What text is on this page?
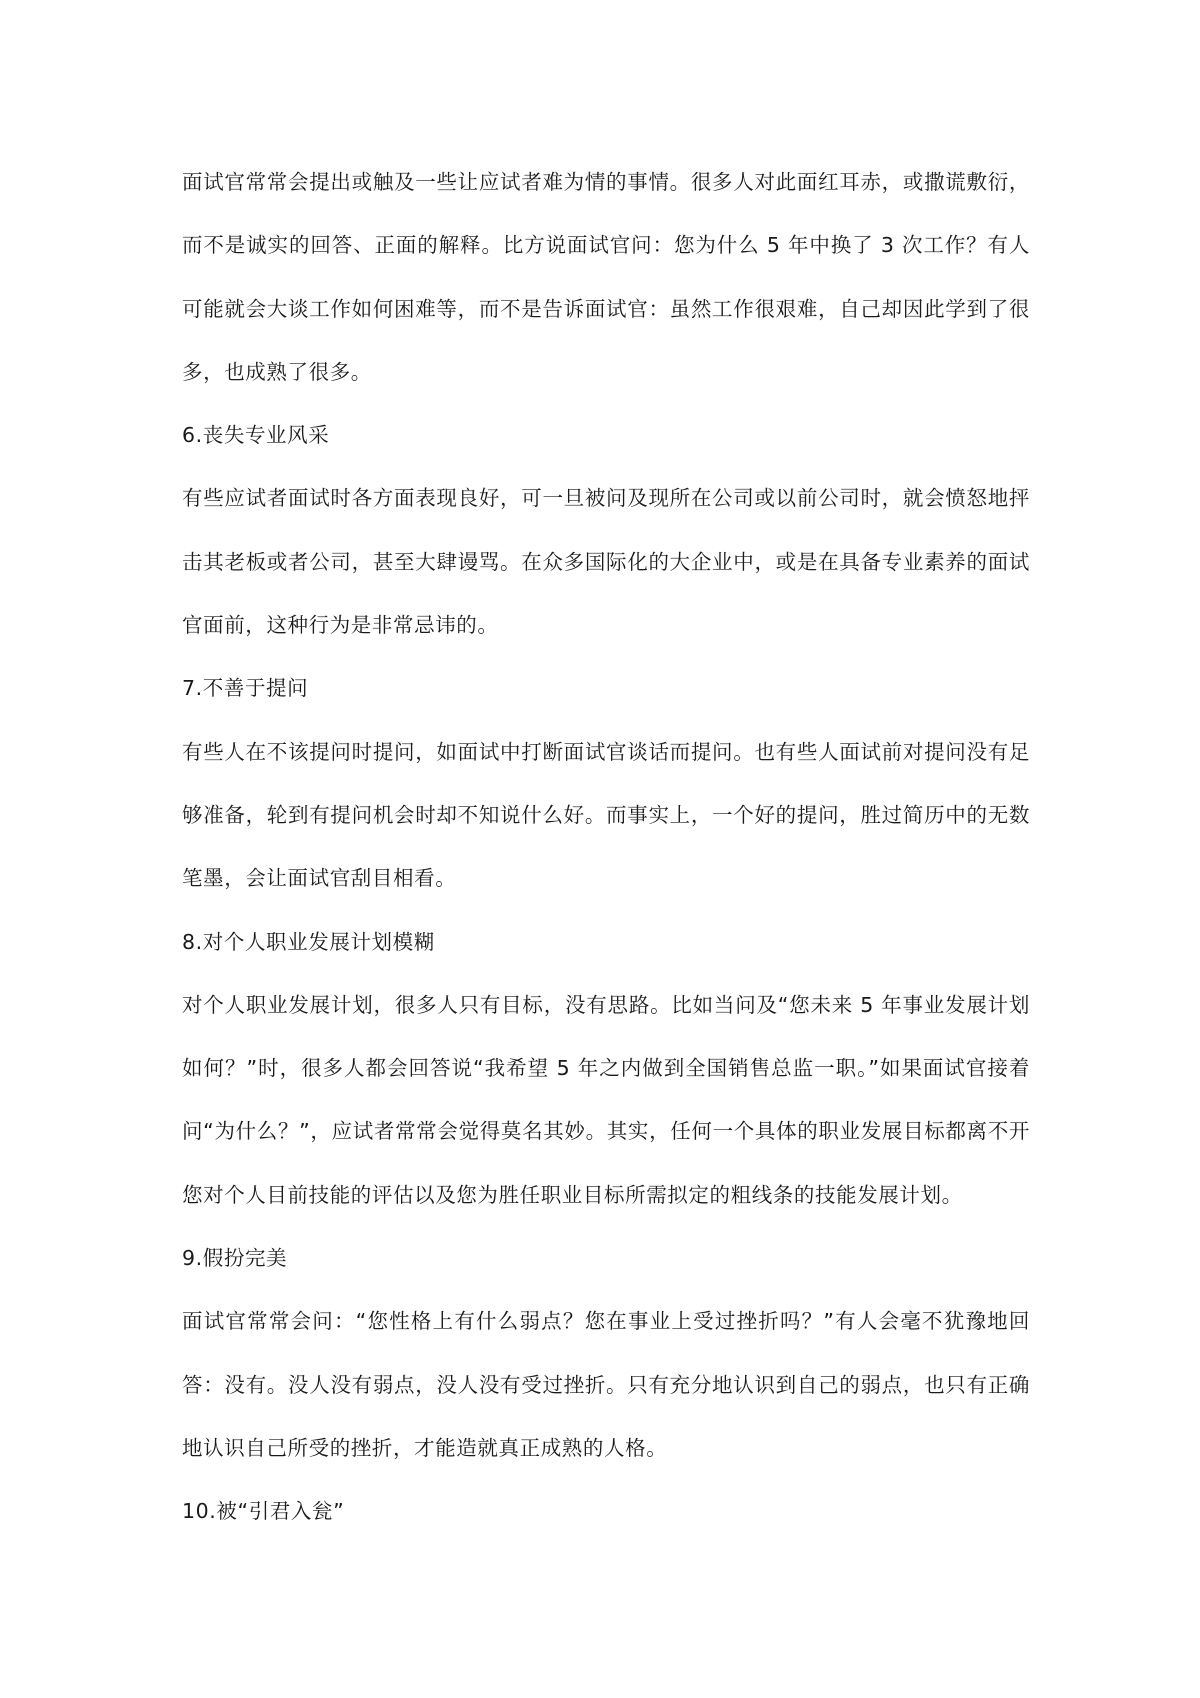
面试官常常会提出或触及一些让应试者难为情的事情。很多人对此面红耳赤，或撒谎敷衍，而不是诚实的回答、正面的解释。比方说面试官问：您为什么 5 年中换了 3 次工作？有人可能就会大谈工作如何困难等，而不是告诉面试官：虽然工作很艰难，自己却因此学到了很多，也成熟了很多。

6.丧失专业风采

有些应试者面试时各方面表现良好，可一旦被问及现所在公司或以前公司时，就会愤怒地抨击其老板或者公司，甚至大肆谩骂。在众多国际化的大企业中，或是在具备专业素养的面试官面前，这种行为是非常忌讳的。

7.不善于提问

有些人在不该提问时提问，如面试中打断面试官谈话而提问。也有些人面试前对提问没有足够准备，轮到有提问机会时却不知说什么好。而事实上，一个好的提问，胜过简历中的无数笔墨，会让面试官刮目相看。

8.对个人职业发展计划模糊

对个人职业发展计划，很多人只有目标，没有思路。比如当问及“您未来 5 年事业发展计划如何？”时，很多人都会回答说“我希望 5 年之内做到全国销售总监一职。”如果面试官接着问“为什么？”，应试者常常会觉得莫名其妙。其实，任何一个具体的职业发展目标都离不开您对个人目前技能的评估以及您为胜任职业目标所需拟定的粗线条的技能发展计划。

9.假扮完美

面试官常常会问：“您性格上有什么弱点？您在事业上受过挫折吗？”有人会毫不犹豫地回答：没有。没人没有弱点，没人没有受过挫折。只有充分地认识到自己的弱点，也只有正确地认识自己所受的挫折，才能造就真正成熟的人格。

10.被“引君入瓮”
